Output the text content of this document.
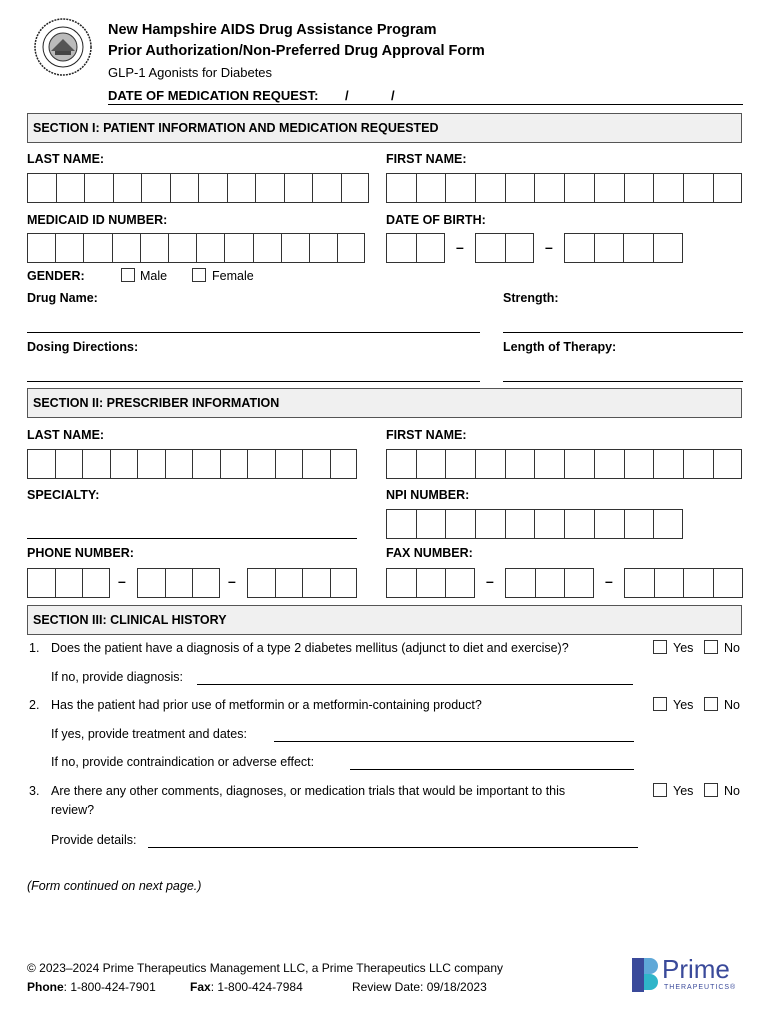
New Hampshire AIDS Drug Assistance Program
Prior Authorization/Non-Preferred Drug Approval Form
GLP-1 Agonists for Diabetes
DATE OF MEDICATION REQUEST: /	/
SECTION I: PATIENT INFORMATION AND MEDICATION REQUESTED
LAST NAME:	FIRST NAME:
MEDICAID ID NUMBER:	DATE OF BIRTH:
–	–
GENDER:	Male	Female
Drug Name:	Strength:
Dosing Directions:	Length of Therapy:
SECTION II: PRESCRIBER INFORMATION
LAST NAME:	FIRST NAME:
SPECIALTY:	NPI NUMBER:
PHONE NUMBER:	FAX NUMBER:
–	–	–	–
SECTION III: CLINICAL HISTORY
1. Does the patient have a diagnosis of a type 2 diabetes mellitus (adjunct to diet and exercise)?	Yes No
If no, provide diagnosis:
2. Has the patient had prior use of metformin or a metformin-containing product?	Yes No
If yes, provide treatment and dates:
If no, provide contraindication or adverse effect:
3. Are there any other comments, diagnoses, or medication trials that would be important to this
review?
Yes No
Provide details:
(Form continued on next page.)
© 2023–2024 Prime Therapeutics Management LLC, a Prime Therapeutics LLC company
Phone: 1-800-424-7901	Fax: 1-800-424-7984	Review Date: 09/18/2023
Prime
THERAPEUTICS®
